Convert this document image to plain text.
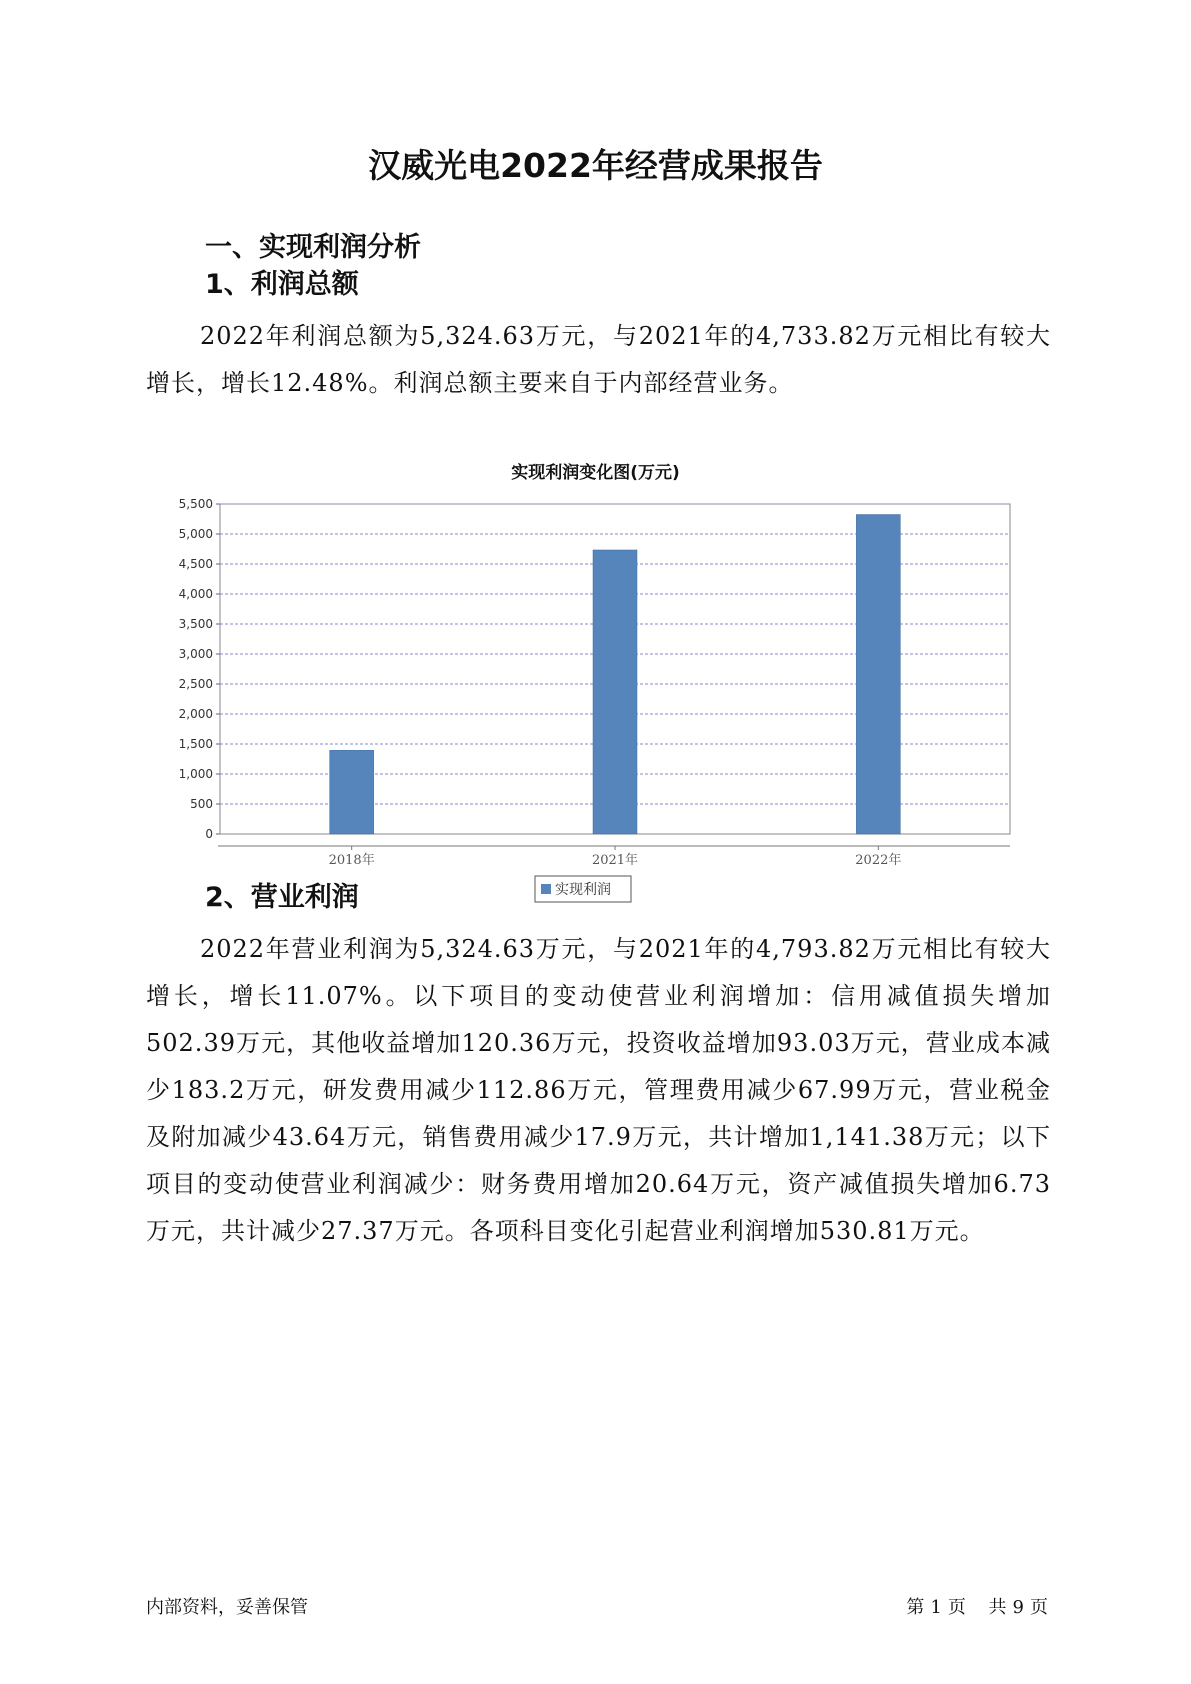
汉威光电2022年经营成果报告
一、实现利润分析
1、利润总额

2022年利润总额为5,324.63万元，与2021年的4,733.82万元相比有较大增长，增长12.48%。利润总额主要来自于内部经营业务。

实现利润变化图(万元)
0
500
1,000
1,500
2,000
2,500
3,000
3,500
4,000
4,500
5,000
5,500
2018年	2021年	2022年
实现利润
2、营业利润

2022年营业利润为5,324.63万元，与2021年的4,793.82万元相比有较大增长，增长11.07%。以下项目的变动使营业利润增加：信用减值损失增加502.39万元，其他收益增加120.36万元，投资收益增加93.03万元，营业成本减少183.2万元，研发费用减少112.86万元，管理费用减少67.99万元，营业税金及附加减少43.64万元，销售费用减少17.9万元，共计增加1,141.38万元；以下项目的变动使营业利润减少：财务费用增加20.64万元，资产减值损失增加6.73万元，共计减少27.37万元。各项科目变化引起营业利润增加530.81万元。

内部资料，妥善保管	第 1 页 共 9 页
